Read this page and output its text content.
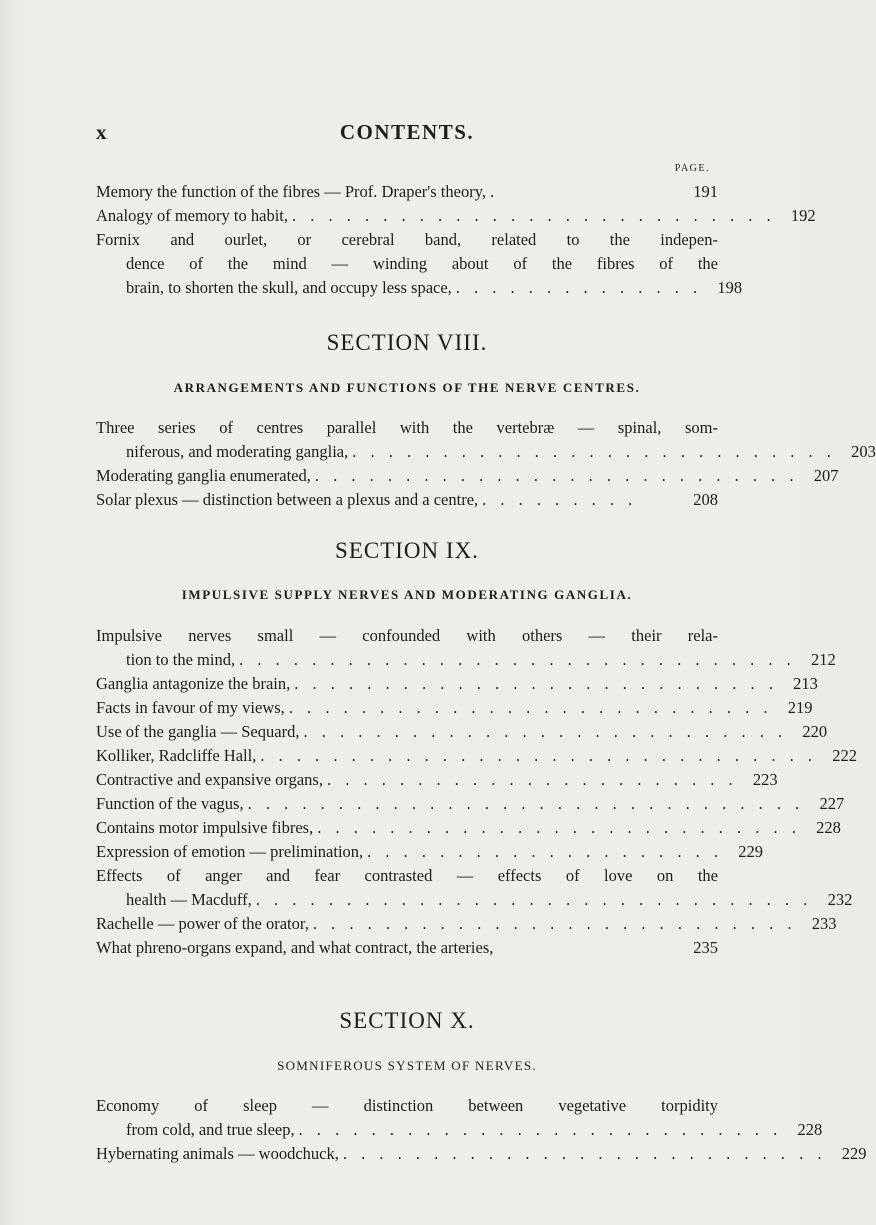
x	CONTENTS.
PAGE.
Memory the function of the fibres — Prof. Draper's theory, .	191
Analogy of memory to habit, . . . . . . . . . . . . . . . . . . . . . . . . . . . 192
Fornix and ourlet, or cerebral band, related to the indepen-
dence of the mind — winding about of the fibres of the
brain, to shorten the skull, and occupy less space, . . . . . . . . . . . . . . 198
SECTION VIII.
ARRANGEMENTS AND FUNCTIONS OF THE NERVE CENTRES.
Three series of centres parallel with the vertebræ — spinal, som-
niferous, and moderating ganglia, . . . . . . . . . . . . . . . . . . . . . . . . . . . 203
Moderating ganglia enumerated, . . . . . . . . . . . . . . . . . . . . . . . . . . . 207
Solar plexus — distinction between a plexus and a centre, . . . . . . . . .	208
SECTION IX.
IMPULSIVE SUPPLY NERVES AND MODERATING GANGLIA.
Impulsive nerves small — confounded with others — their rela-
tion to the mind, . . . . . . . . . . . . . . . . . . . . . . . . . . . . . . . 212
Ganglia antagonize the brain, . . . . . . . . . . . . . . . . . . . . . . . . . . . 213
Facts in favour of my views, . . . . . . . . . . . . . . . . . . . . . . . . . . . 219
Use of the ganglia — Sequard, . . . . . . . . . . . . . . . . . . . . . . . . . . . 220
Kolliker, Radcliffe Hall, . . . . . . . . . . . . . . . . . . . . . . . . . . . . . . . 222
Contractive and expansive organs, . . . . . . . . . . . . . . . . . . . . . . . 223
Function of the vagus, . . . . . . . . . . . . . . . . . . . . . . . . . . . . . . . 227
Contains motor impulsive fibres, . . . . . . . . . . . . . . . . . . . . . . . . . . . 228
Expression of emotion — prelimination, . . . . . . . . . . . . . . . . . . . . 229
Effects of anger and fear contrasted — effects of love on the
health — Macduff, . . . . . . . . . . . . . . . . . . . . . . . . . . . . . . . 232
Rachelle — power of the orator, . . . . . . . . . . . . . . . . . . . . . . . . . . . 233
What phreno-organs expand, and what contract, the arteries,	235
SECTION X.
SOMNIFEROUS SYSTEM OF NERVES.
Economy of sleep — distinction between vegetative torpidity
from cold, and true sleep, . . . . . . . . . . . . . . . . . . . . . . . . . . . 228
Hybernating animals — woodchuck, . . . . . . . . . . . . . . . . . . . . . . . . . . . 229
